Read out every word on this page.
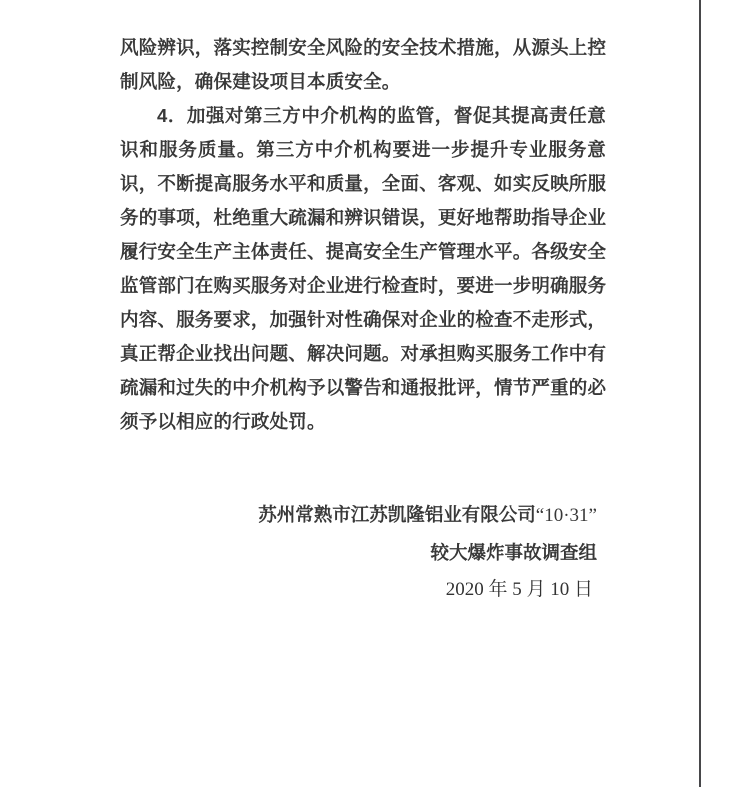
风险辨识，落实控制安全风险的安全技术措施，从源头上控
制风险，确保建设项目本质安全。
4．加强对第三方中介机构的监管，督促其提高责任意
识和服务质量。第三方中介机构要进一步提升专业服务意
识，不断提高服务水平和质量，全面、客观、如实反映所服
务的事项，杜绝重大疏漏和辨识错误，更好地帮助指导企业
履行安全生产主体责任、提高安全生产管理水平。各级安全
监管部门在购买服务对企业进行检查时，要进一步明确服务
内容、服务要求，加强针对性确保对企业的检查不走形式，
真正帮企业找出问题、解决问题。对承担购买服务工作中有
疏漏和过失的中介机构予以警告和通报批评，情节严重的必
须予以相应的行政处罚。
苏州常熟市江苏凯隆铝业有限公司“10·31”
较大爆炸事故调查组
2020 年 5 月 10 日
